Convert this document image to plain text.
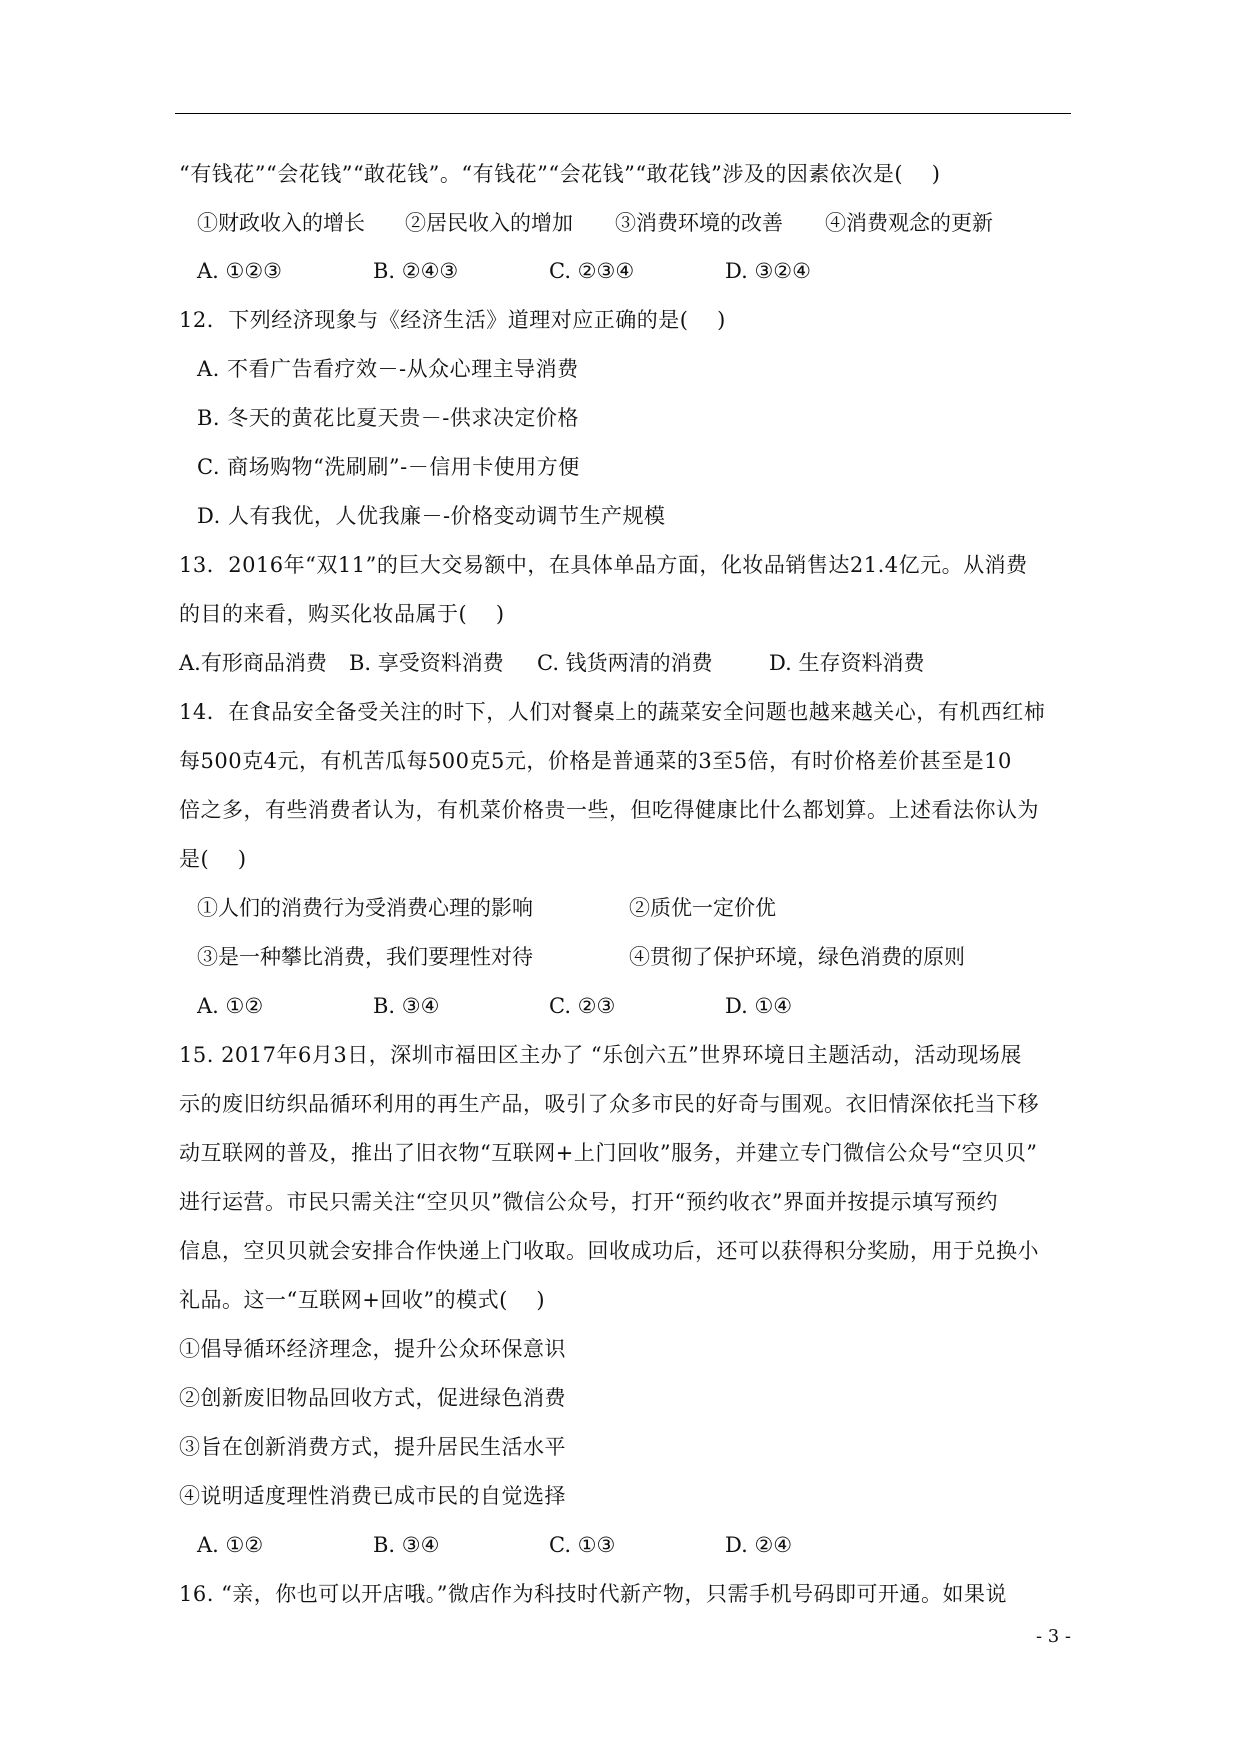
“有钱花”“会花钱”“敢花钱”。“有钱花”“会花钱”“敢花钱”涉及的因素依次是(　 )
①财政收入的增长 ②居民收入的增加 ③消费环境的改善 ④消费观念的更新
A. ①②③	B. ②④③	C. ②③④	D. ③②④
12．下列经济现象与《经济生活》道理对应正确的是(　 )
A. 不看广告看疗效－-从众心理主导消费
B. 冬天的黄花比夏天贵－-供求决定价格
C. 商场购物“洗刷刷”-－信用卡使用方便
D. 人有我优，人优我廉－-价格变动调节生产规模
13．2016年“双11”的巨大交易额中，在具体单品方面，化妆品销售达21.4亿元。从消费
的目的来看，购买化妆品属于(　 )
A.有形商品消费 B. 享受资料消费 C. 钱货两清的消费	D. 生存资料消费
14．在食品安全备受关注的时下，人们对餐桌上的蔬菜安全问题也越来越关心，有机西红柿
每500克4元，有机苦瓜每500克5元，价格是普通菜的3至5倍，有时价格差价甚至是10
倍之多，有些消费者认为，有机菜价格贵一些，但吃得健康比什么都划算。上述看法你认为
是(　 )
①人们的消费行为受消费心理的影响	②质优一定价优
③是一种攀比消费，我们要理性对待	④贯彻了保护环境，绿色消费的原则
A. ①②	B. ③④	C. ②③	D. ①④
15. 2017年6月3日，深圳市福田区主办了 “乐创六五”世界环境日主题活动，活动现场展
示的废旧纺织品循环利用的再生产品，吸引了众多市民的好奇与围观。衣旧情深依托当下移
动互联网的普及，推出了旧衣物“互联网+上门回收”服务，并建立专门微信公众号“空贝贝”
进行运营。市民只需关注“空贝贝”微信公众号，打开“预约收衣”界面并按提示填写预约
信息，空贝贝就会安排合作快递上门收取。回收成功后，还可以获得积分奖励，用于兑换小
礼品。这一“互联网+回收”的模式(　 )
①倡导循环经济理念，提升公众环保意识
②创新废旧物品回收方式，促进绿色消费
③旨在创新消费方式，提升居民生活水平
④说明适度理性消费已成市民的自觉选择
A. ①②	B. ③④	C. ①③	D. ②④
16. “亲，你也可以开店哦。”微店作为科技时代新产物，只需手机号码即可开通。如果说
- 3 -
